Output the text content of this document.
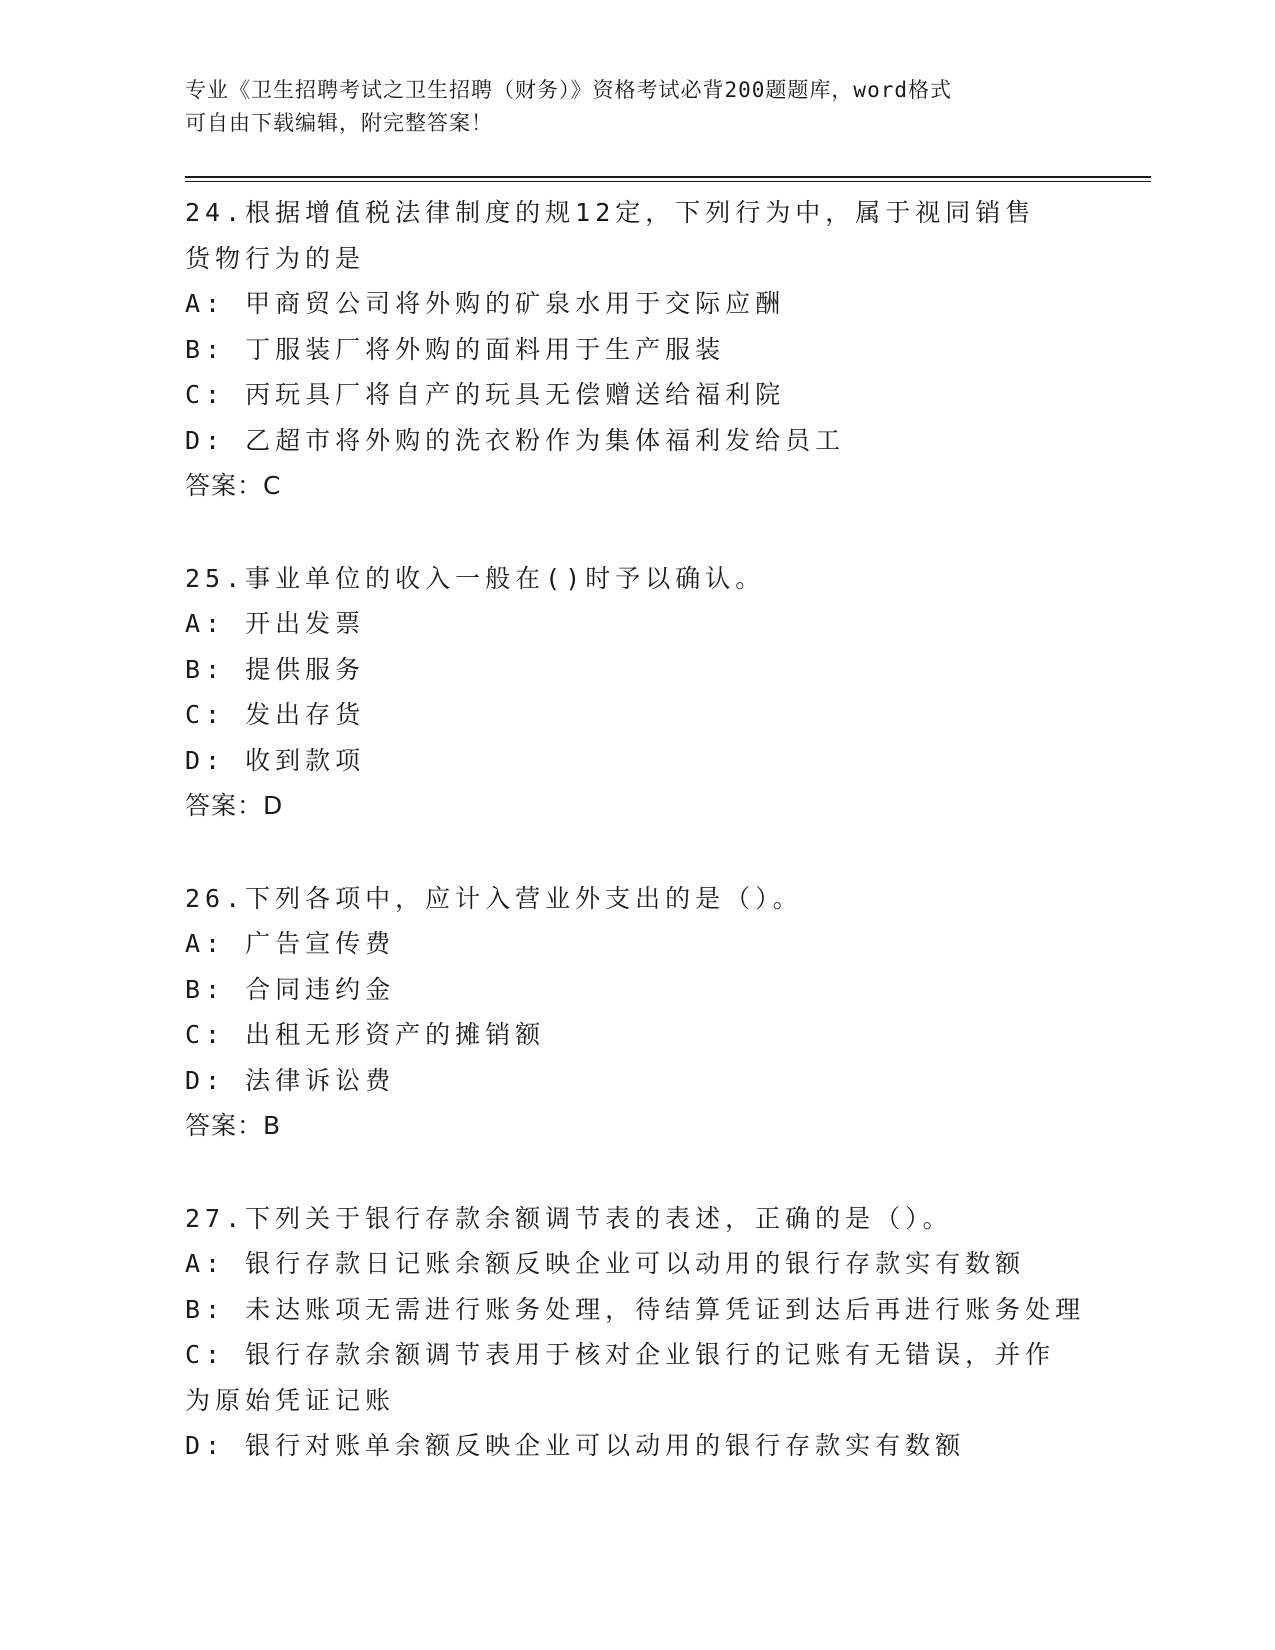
专业《卫生招聘考试之卫生招聘（财务）》资格考试必背200题题库，word格式
可自由下载编辑，附完整答案！
24.根据增值税法律制度的规12定，下列行为中，属于视同销售货物行为的是
A: 甲商贸公司将外购的矿泉水用于交际应酬
B: 丁服装厂将外购的面料用于生产服装
C: 丙玩具厂将自产的玩具无偿赠送给福利院
D: 乙超市将外购的洗衣粉作为集体福利发给员工
答案：C
25.事业单位的收入一般在()时予以确认。
A: 开出发票
B: 提供服务
C: 发出存货
D: 收到款项
答案：D
26.下列各项中，应计入营业外支出的是（）。
A: 广告宣传费
B: 合同违约金
C: 出租无形资产的摊销额
D: 法律诉讼费
答案：B
27.下列关于银行存款余额调节表的表述，正确的是（）。
A: 银行存款日记账余额反映企业可以动用的银行存款实有数额
B: 未达账项无需进行账务处理，待结算凭证到达后再进行账务处理
C: 银行存款余额调节表用于核对企业银行的记账有无错误，并作为原始凭证记账
D: 银行对账单余额反映企业可以动用的银行存款实有数额
